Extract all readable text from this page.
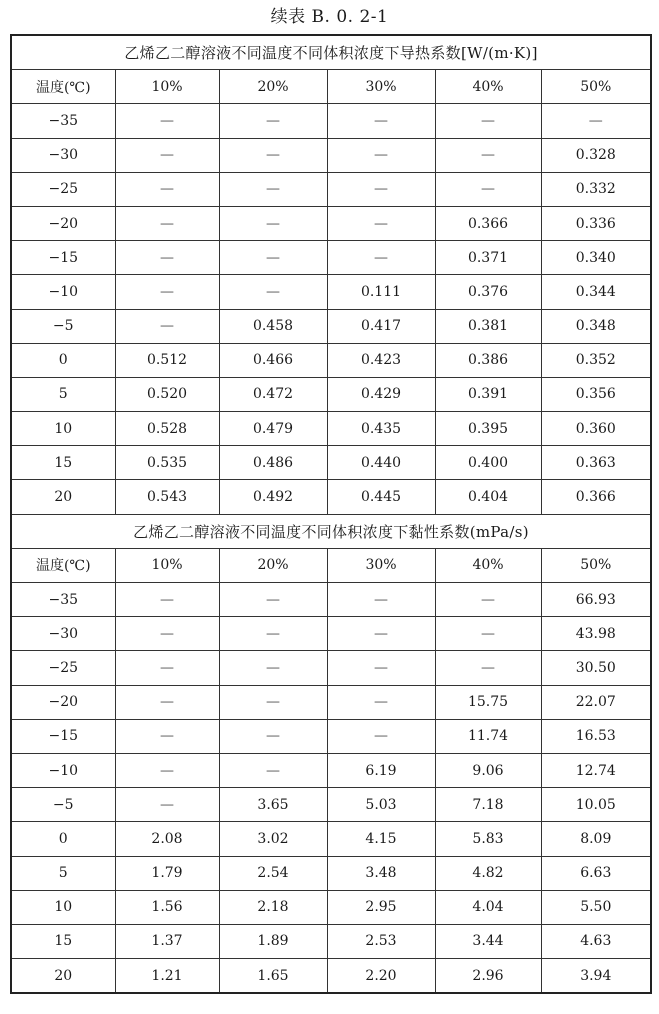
续表 B. 0. 2-1
乙烯乙二醇溶液不同温度不同体积浓度下导热系数[W/(m·K)]					
温度(℃)	10%	20%	30%	40%	50%
−35	—	—	—	—	—
−30	—	—	—	—	0.328
−25	—	—	—	—	0.332
−20	—	—	—	0.366	0.336
−15	—	—	—	0.371	0.340
−10	—	—	0.111	0.376	0.344
−5	—	0.458	0.417	0.381	0.348
0	0.512	0.466	0.423	0.386	0.352
5	0.520	0.472	0.429	0.391	0.356
10	0.528	0.479	0.435	0.395	0.360
15	0.535	0.486	0.440	0.400	0.363
20	0.543	0.492	0.445	0.404	0.366
乙烯乙二醇溶液不同温度不同体积浓度下黏性系数(mPa/s)					
温度(℃)	10%	20%	30%	40%	50%
−35	—	—	—	—	66.93
−30	—	—	—	—	43.98
−25	—	—	—	—	30.50
−20	—	—	—	15.75	22.07
−15	—	—	—	11.74	16.53
−10	—	—	6.19	9.06	12.74
−5	—	3.65	5.03	7.18	10.05
0	2.08	3.02	4.15	5.83	8.09
5	1.79	2.54	3.48	4.82	6.63
10	1.56	2.18	2.95	4.04	5.50
15	1.37	1.89	2.53	3.44	4.63
20	1.21	1.65	2.20	2.96	3.94
